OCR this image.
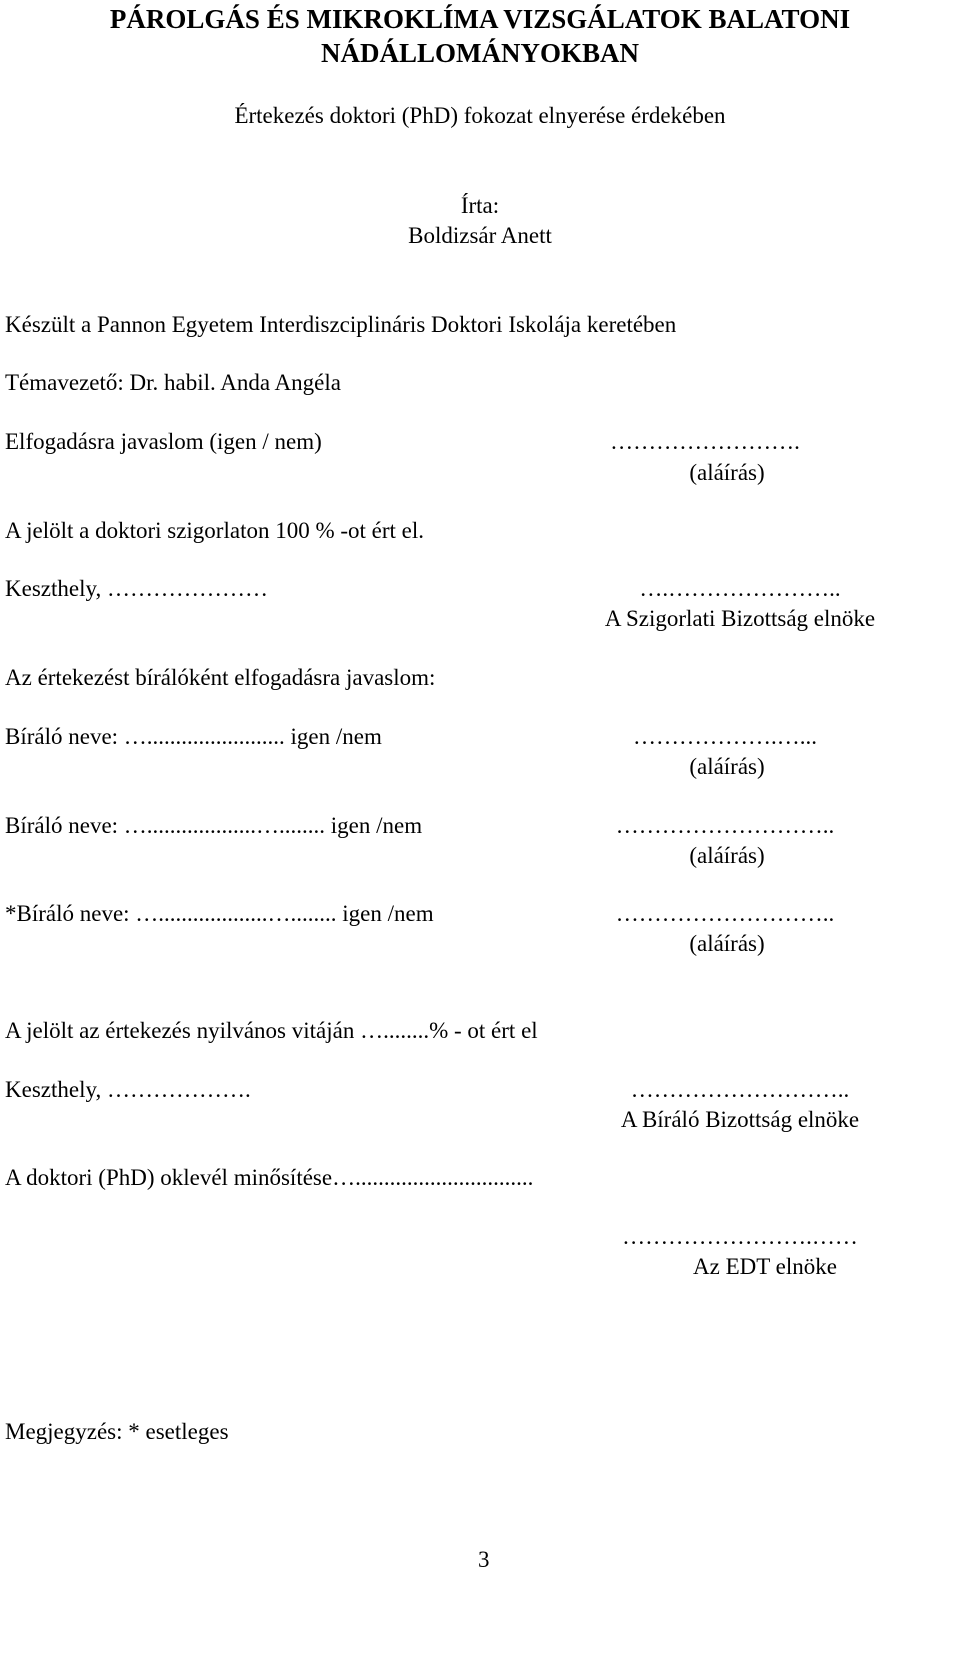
PÁROLGÁS ÉS MIKROKLÍMA VIZSGÁLATOK BALATONI
NÁDÁLLOMÁNYOKBAN
Értekezés doktori (PhD) fokozat elnyerése érdekében
Írta:
Boldizsár Anett
Készült a Pannon Egyetem Interdiszciplináris Doktori Iskolája keretében
Témavezető: Dr. habil. Anda Angéla
Elfogadásra javaslom (igen / nem)	…………………….
(aláírás)
A jelölt a doktori szigorlaton 100 % -ot ért el.
Keszthely, …………………	….…………………..
A Szigorlati Bizottság elnöke
Az értekezést bírálóként elfogadásra javaslom:
Bíráló neve: …........................ igen /nem	……………….…...
(aláírás)
Bíráló neve: …...................…........ igen /nem	………………………..
(aláírás)
*Bíráló neve: …...................…........ igen /nem	………………………..
(aláírás)
A jelölt az értekezés nyilvános vitáján …........% - ot ért el
Keszthely, ……………….	………………………..
A Bíráló Bizottság elnöke
A doktori (PhD) oklevél minősítése…...............................
…………………….……
Az EDT elnöke
Megjegyzés: * esetleges
3
